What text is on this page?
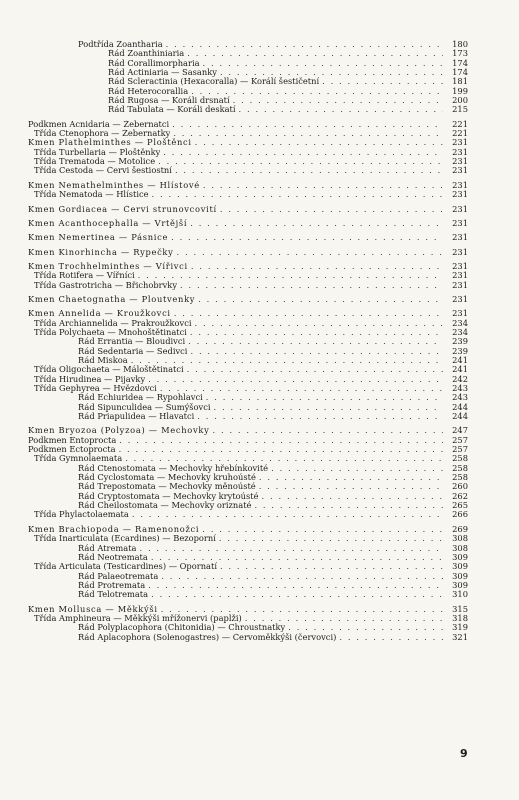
Podtřída Zoantharia . . .	180
Řád Zoanthiniaria . . .	173
Řád Corallimorpharia . . .	174
Řád Actiniaria — Sasanky . . .	174
Řád Scleractinia (Hexacoralla) — Korálí šestičetní . . .	181
Řád Heterocorallia . . .	199
Řád Rugosa — Koráli drsnatí . . .	200
Řád Tabulata — Koráli deskatí . . .	215
Podkmen Acnidaria — Žebernatci . . .	221
Třída Ctenophora — Žebernatky . . .	221
Kmen Plathelminthes — Ploštěnci . . .	231
Třída Turbellaria — Ploštěnky . . .	231
Třída Trematoda — Motolice . . .	231
Třída Cestoda — Červi šestiostní . . .	231
Kmen Nemathelminthes — Hlístové . . .	231
Třída Nematoda — Hlístice . . .	231
Kmen Gordiacea — Červi strunovcovití . . .	231
Kmen Acanthocephalla — Vrtější . . .	231
Kmen Nemertinea — Pásnice . . .	231
Kmen Kinorhincha — Rypečky . . .	231
Kmen Trochhelminthes — Vířivci . . .	231
Třída Rotifera — Vířníci . . .	231
Třída Gastrotricha — Břichobrvky . . .	231
Kmen Chaetognatha — Ploutvenky . . .	231
Kmen Annelida — Kroužkovci . . .	231
Třída Archiannelida — Prakroužkovci . . .	234
Třída Polychaeta — Mnohoštětinatci . . .	234
Řád Errantia — Bloudivci . . .	239
Řád Sedentaria — Sedivci . . .	239
Řád Miskoa . . .	241
Třída Oligochaeta — Máloštětinatci . . .	241
Třída Hirudinea — Pijavky . . .	242
Třída Gephyrea — Hvězdovci . . .	243
Řád Echiuridea — Rypohlavci . . .	243
Řád Sipunculidea — Sumýšovci . . .	244
Řád Priapulidea — Hlavatci . . .	244
Kmen Bryozoa (Polyzoa) — Mechovky . . .	247
Podkmen Entoprocta . . .	257
Podkmen Ectoprocta . . .	257
Třída Gymnolaemata . . .	258
Řád Ctenostomata — Mechovky hřebínkovité . . .	258
Řád Cyclostomata — Mechovky kruhoústé . . .	258
Řád Trepostomata — Mechovky měnoústé . . .	260
Řád Cryptostomata — Mechovky krytoústé . . .	262
Řád Cheilostomata — Mechovky oriznaté . . .	265
Třída Phylactolaemata . . .	266
Kmen Brachiopoda — Ramenonožci . . .	269
Třída Inarticulata (Ecardines) — Bezoporní . . .	308
Řád Atremata . . .	308
Řád Neotremata . . .	309
Třída Articulata (Testicardines) — Opornatí . . .	309
Řád Palaeotremata . . .	309
Řád Protremata . . .	309
Řád Telotremata . . .	310
Kmen Mollusca — Měkkýši . . .	315
Třída Amphineura — Měkkýši mřížonervi (paplži) . . .	318
Řád Polyplacophora (Chitonidia) — Chroustnatky . . .	319
Řád Aplacophora (Solenogastres) — Červoměkkýši (červovci) . . .	321
9
